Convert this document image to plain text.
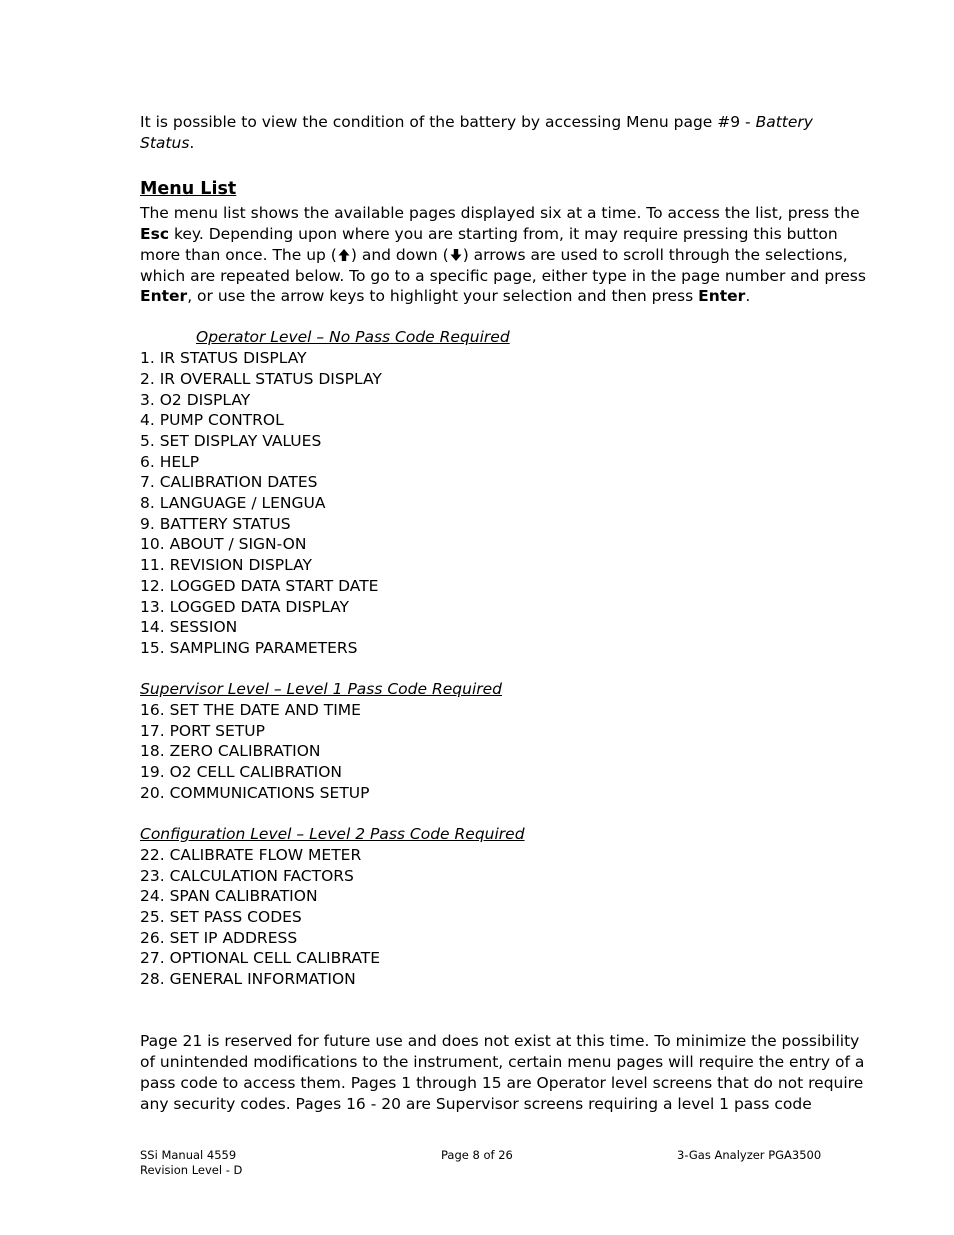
It is possible to view the condition of the battery by accessing Menu page #9 - Battery Status.

Menu List

The menu list shows the available pages displayed six at a time. To access the list, press the Esc key. Depending upon where you are starting from, it may require pressing this button more than once. The up ( ) and down ( ) arrows are used to scroll through the selections, which are repeated below. To go to a specific page, either type in the page number and press Enter, or use the arrow keys to highlight your selection and then press Enter.

Operator Level – No Pass Code Required

1. IR STATUS DISPLAY
2. IR OVERALL STATUS DISPLAY
3. O2 DISPLAY
4. PUMP CONTROL
5. SET DISPLAY VALUES
6. HELP
7. CALIBRATION DATES
8. LANGUAGE / LENGUA
9. BATTERY STATUS
10. ABOUT / SIGN-ON
11. REVISION DISPLAY
12. LOGGED DATA START DATE
13. LOGGED DATA DISPLAY
14. SESSION
15. SAMPLING PARAMETERS

Supervisor Level – Level 1 Pass Code Required

16. SET THE DATE AND TIME
17. PORT SETUP
18. ZERO CALIBRATION
19. O2 CELL CALIBRATION
20. COMMUNICATIONS SETUP

Configuration Level – Level 2 Pass Code Required

22. CALIBRATE FLOW METER
23. CALCULATION FACTORS
24. SPAN CALIBRATION
25. SET PASS CODES
26. SET IP ADDRESS
27. OPTIONAL CELL CALIBRATE
28. GENERAL INFORMATION

Page 21 is reserved for future use and does not exist at this time. To minimize the possibility of unintended modifications to the instrument, certain menu pages will require the entry of a pass code to access them. Pages 1 through 15 are Operator level screens that do not require any security codes. Pages 16 - 20 are Supervisor screens requiring a level 1 pass code

SSi Manual 4559
Revision Level - D
Page 8 of 26	3-Gas Analyzer PGA3500
